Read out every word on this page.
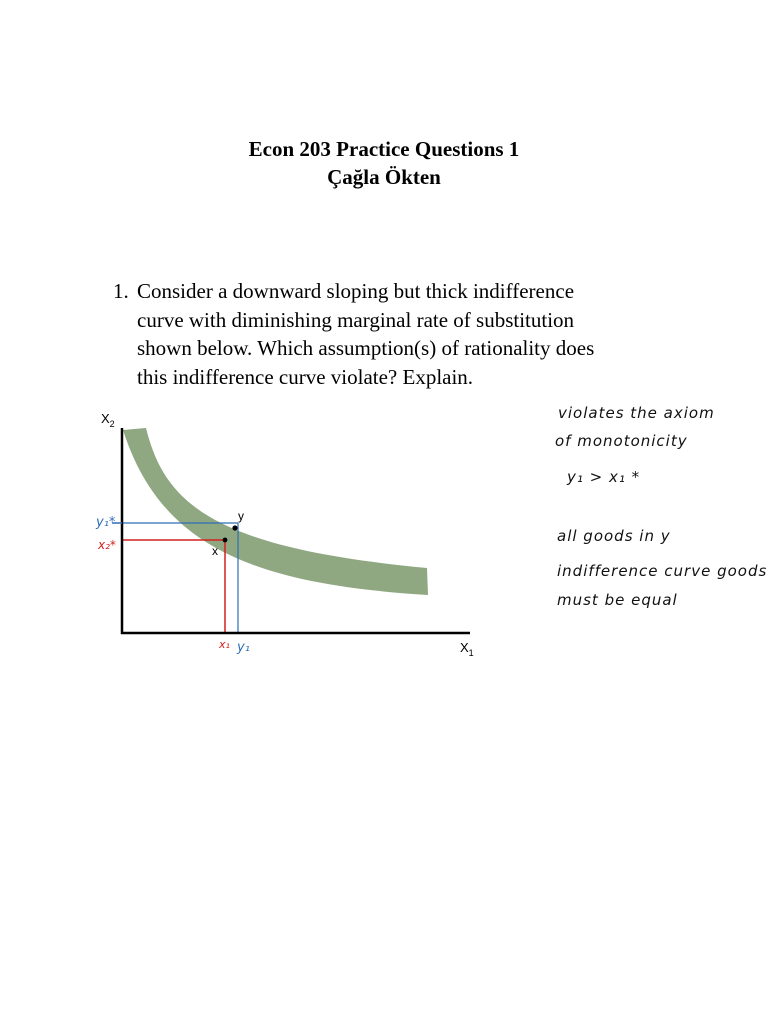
Econ 203 Practice Questions 1
Çağla Ökten
1. Consider a downward sloping but thick indifference
curve with diminishing marginal rate of substitution
shown below. Which assumption(s) of rationality does
this indifference curve violate? Explain.
$X_2$
$X_1$
y
x
y₁*
x₂*
x₁ y₁
violates the axiom
of monotonicity
y₁ > x₁ *
all goods in y
indifference curve goods
must be equal
